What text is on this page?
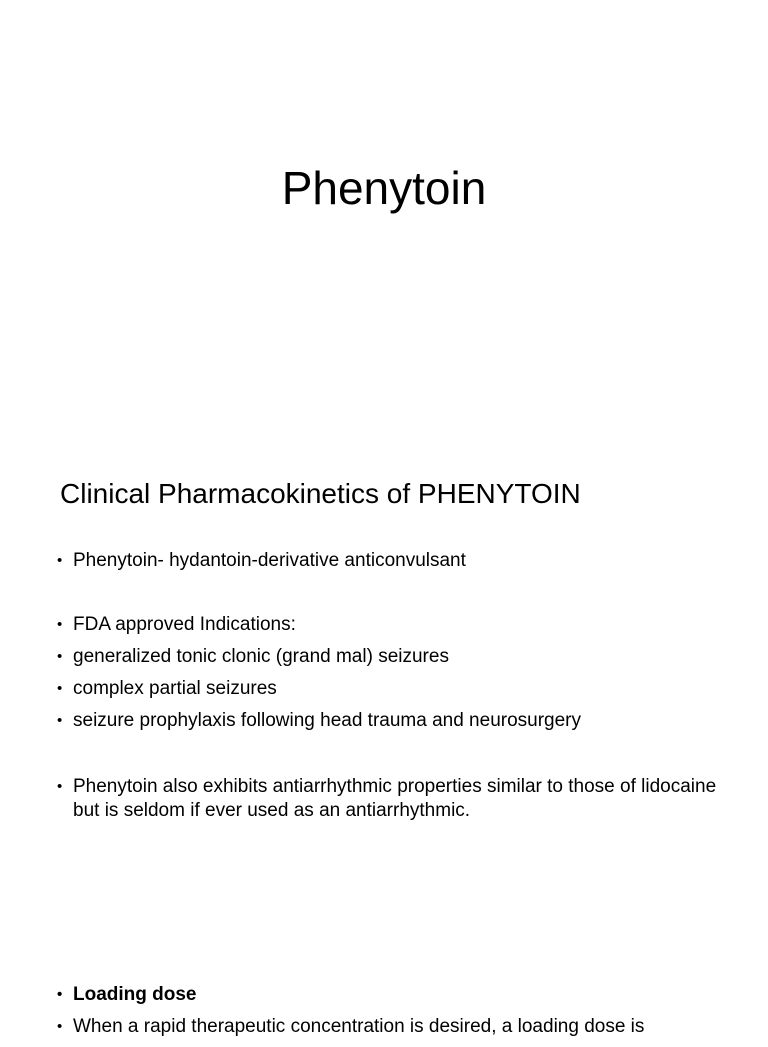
Phenytoin
Clinical Pharmacokinetics of PHENYTOIN
• Phenytoin- hydantoin-derivative anticonvulsant
• FDA approved Indications:
• generalized tonic clonic (grand mal) seizures
• complex partial seizures
• seizure prophylaxis following head trauma and neurosurgery
• Phenytoin also exhibits antiarrhythmic properties similar to those of lidocaine but is seldom if ever used as an antiarrhythmic.
• Loading dose
• When a rapid therapeutic concentration is desired, a loading dose is
